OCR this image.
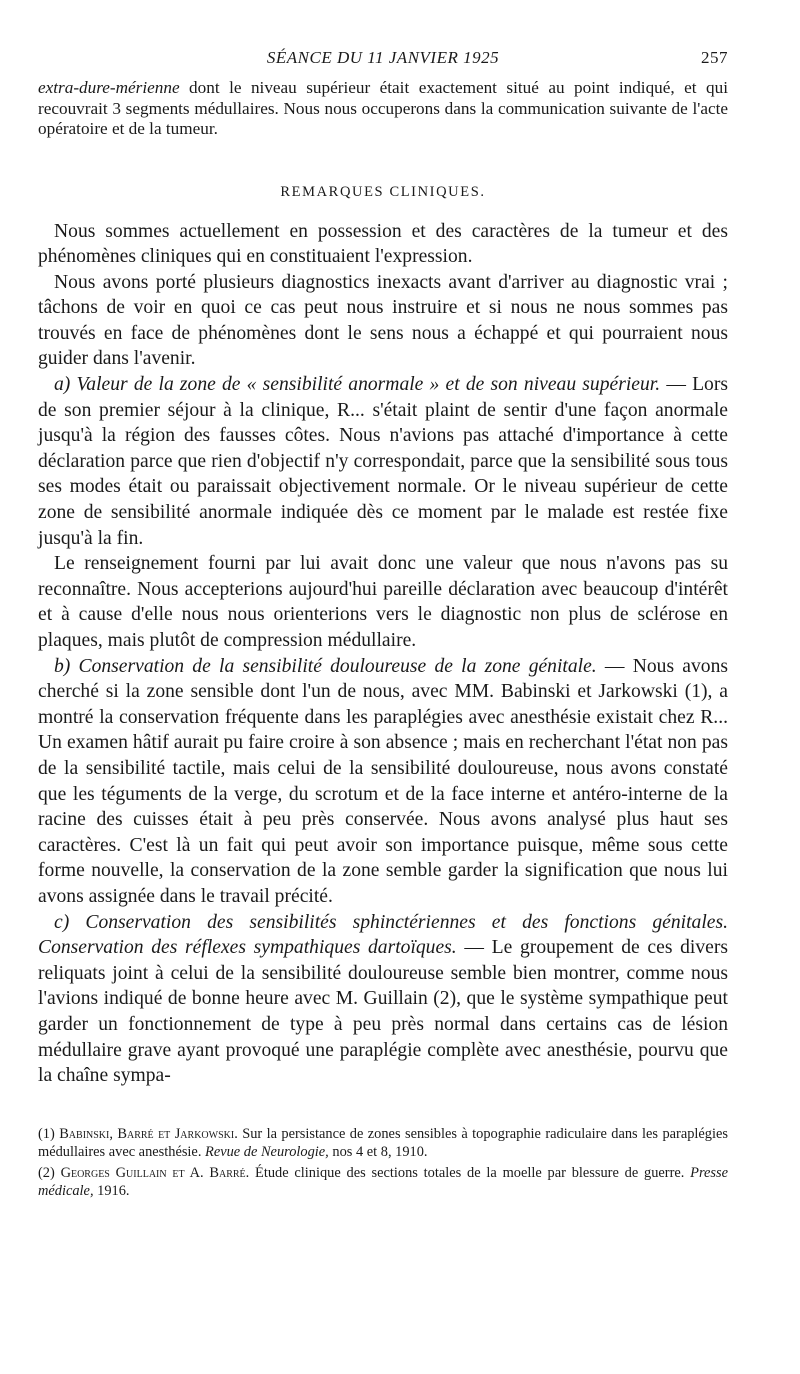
SÉANCE DU 11 JANVIER 1925	257

extra-dure-mérienne dont le niveau supérieur était exactement situé au point indiqué, et qui recouvrait 3 segments médullaires. Nous nous occuperons dans la communication suivante de l'acte opératoire et de la tumeur.

REMARQUES CLINIQUES.

Nous sommes actuellement en possession et des caractères de la tumeur et des phénomènes cliniques qui en constituaient l'expression.

Nous avons porté plusieurs diagnostics inexacts avant d'arriver au diagnostic vrai ; tâchons de voir en quoi ce cas peut nous instruire et si nous ne nous sommes pas trouvés en face de phénomènes dont le sens nous a échappé et qui pourraient nous guider dans l'avenir.

a) Valeur de la zone de « sensibilité anormale » et de son niveau supérieur. — Lors de son premier séjour à la clinique, R... s'était plaint de sentir d'une façon anormale jusqu'à la région des fausses côtes. Nous n'avions pas attaché d'importance à cette déclaration parce que rien d'objectif n'y correspondait, parce que la sensibilité sous tous ses modes était ou paraissait objectivement normale. Or le niveau supérieur de cette zone de sensibilité anormale indiquée dès ce moment par le malade est restée fixe jusqu'à la fin.

Le renseignement fourni par lui avait donc une valeur que nous n'avons pas su reconnaître. Nous accepterions aujourd'hui pareille déclaration avec beaucoup d'intérêt et à cause d'elle nous nous orienterions vers le diagnostic non plus de sclérose en plaques, mais plutôt de compression médullaire.

b) Conservation de la sensibilité douloureuse de la zone génitale. — Nous avons cherché si la zone sensible dont l'un de nous, avec MM. Babinski et Jarkowski (1), a montré la conservation fréquente dans les paraplégies avec anesthésie existait chez R... Un examen hâtif aurait pu faire croire à son absence ; mais en recherchant l'état non pas de la sensibilité tactile, mais celui de la sensibilité douloureuse, nous avons constaté que les téguments de la verge, du scrotum et de la face interne et antéro-interne de la racine des cuisses était à peu près conservée. Nous avons analysé plus haut ses caractères. C'est là un fait qui peut avoir son importance puisque, même sous cette forme nouvelle, la conservation de la zone semble garder la signification que nous lui avons assignée dans le travail précité.

c) Conservation des sensibilités sphinctériennes et des fonctions génitales. Conservation des réflexes sympathiques dartoïques. — Le groupement de ces divers reliquats joint à celui de la sensibilité douloureuse semble bien montrer, comme nous l'avions indiqué de bonne heure avec M. Guillain (2), que le système sympathique peut garder un fonctionnement de type à peu près normal dans certains cas de lésion médullaire grave ayant provoqué une paraplégie complète avec anesthésie, pourvu que la chaîne sympa-

(1) Babinski, Barré et Jarkowski. Sur la persistance de zones sensibles à topographie radiculaire dans les paraplégies médullaires avec anesthésie. Revue de Neurologie, nos 4 et 8, 1910.

(2) Georges Guillain et A. Barré. Étude clinique des sections totales de la moelle par blessure de guerre. Presse médicale, 1916.
